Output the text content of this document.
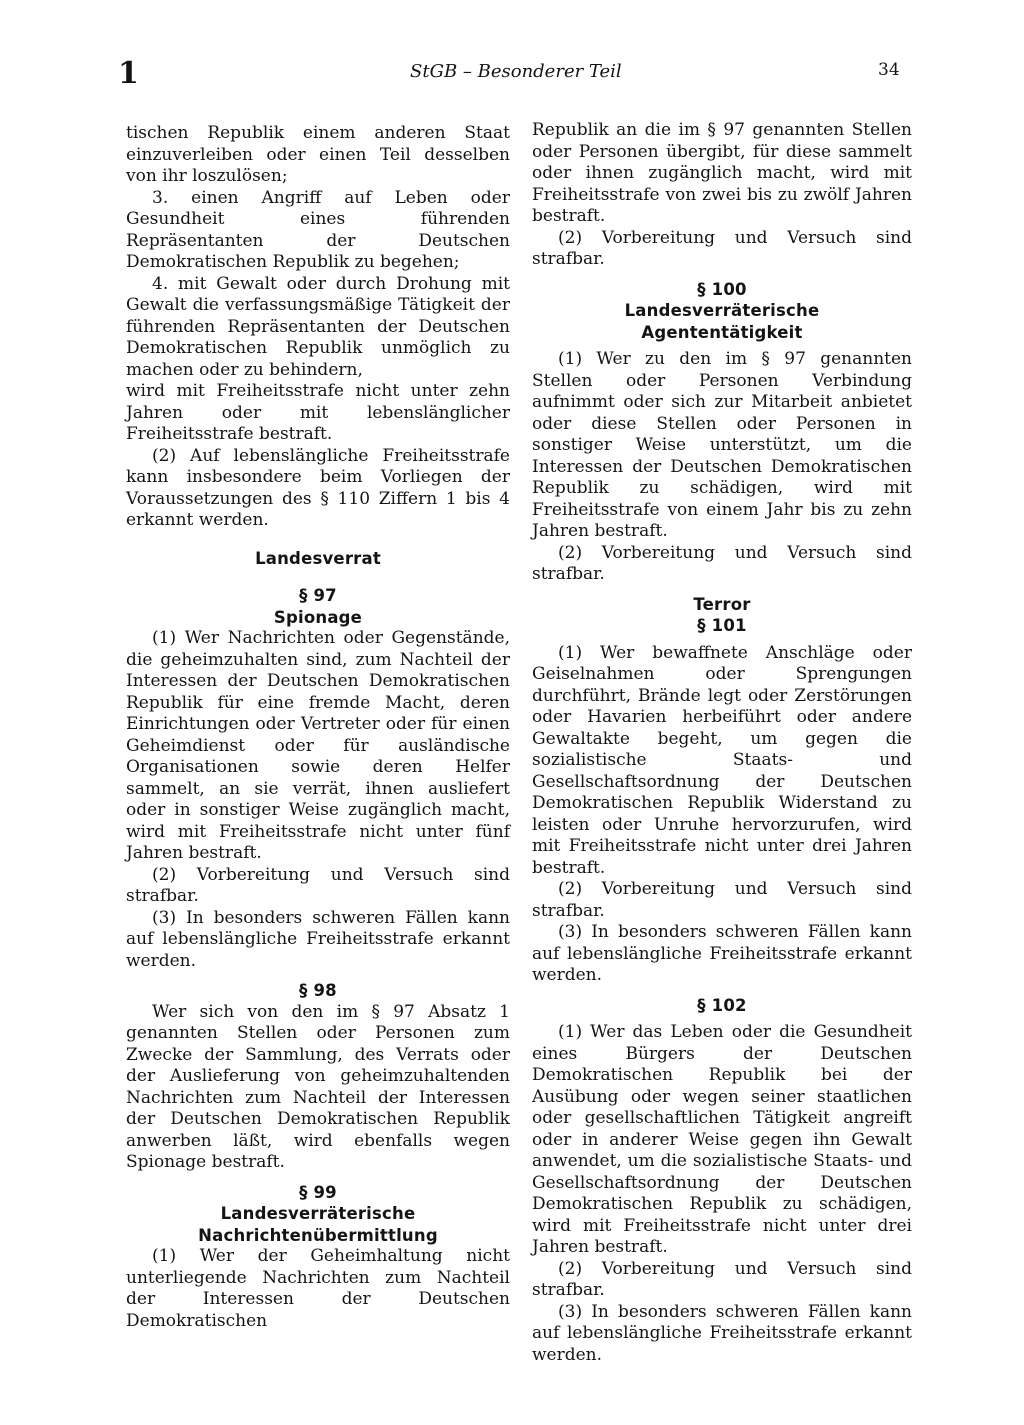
1	StGB – Besonderer Teil	34

tischen Republik einem anderen Staat einzuverleiben oder einen Teil desselben von ihr loszulösen;

3. einen Angriff auf Leben oder Gesundheit eines führenden Repräsentanten der Deutschen Demokratischen Republik zu begehen;

4. mit Gewalt oder durch Drohung mit Gewalt die verfassungsmäßige Tätigkeit der führenden Repräsentanten der Deutschen Demokratischen Republik unmöglich zu machen oder zu behindern,

wird mit Freiheitsstrafe nicht unter zehn Jahren oder mit lebenslänglicher Freiheitsstrafe bestraft.

(2) Auf lebenslängliche Freiheitsstrafe kann insbesondere beim Vorliegen der Voraussetzungen des § 110 Ziffern 1 bis 4 erkannt werden.

Landesverrat

§ 97

Spionage

(1) Wer Nachrichten oder Gegenstände, die geheimzuhalten sind, zum Nachteil der Interessen der Deutschen Demokratischen Republik für eine fremde Macht, deren Einrichtungen oder Vertreter oder für einen Geheimdienst oder für ausländische Organisationen sowie deren Helfer sammelt, an sie verrät, ihnen ausliefert oder in sonstiger Weise zugänglich macht, wird mit Freiheitsstrafe nicht unter fünf Jahren bestraft.

(2) Vorbereitung und Versuch sind strafbar.

(3) In besonders schweren Fällen kann auf lebenslängliche Freiheitsstrafe erkannt werden.

§ 98

Wer sich von den im § 97 Absatz 1 genannten Stellen oder Personen zum Zwecke der Sammlung, des Verrats oder der Auslieferung von geheimzuhaltenden Nachrichten zum Nachteil der Interessen der Deutschen Demokratischen Republik anwerben läßt, wird ebenfalls wegen Spionage bestraft.

§ 99

Landesverräterische

Nachrichtenübermittlung

(1) Wer der Geheimhaltung nicht unterliegende Nachrichten zum Nachteil der Interessen der Deutschen Demokratischen

Republik an die im § 97 genannten Stellen oder Personen übergibt, für diese sammelt oder ihnen zugänglich macht, wird mit Freiheitsstrafe von zwei bis zu zwölf Jahren bestraft.

(2) Vorbereitung und Versuch sind strafbar.

§ 100

Landesverräterische

Agententätigkeit

(1) Wer zu den im § 97 genannten Stellen oder Personen Verbindung aufnimmt oder sich zur Mitarbeit anbietet oder diese Stellen oder Personen in sonstiger Weise unterstützt, um die Interessen der Deutschen Demokratischen Republik zu schädigen, wird mit Freiheitsstrafe von einem Jahr bis zu zehn Jahren bestraft.

(2) Vorbereitung und Versuch sind strafbar.

Terror

§ 101

(1) Wer bewaffnete Anschläge oder Geiselnahmen oder Sprengungen durchführt, Brände legt oder Zerstörungen oder Havarien herbeiführt oder andere Gewaltakte begeht, um gegen die sozialistische Staats- und Gesellschaftsordnung der Deutschen Demokratischen Republik Widerstand zu leisten oder Unruhe hervorzurufen, wird mit Freiheitsstrafe nicht unter drei Jahren bestraft.

(2) Vorbereitung und Versuch sind strafbar.

(3) In besonders schweren Fällen kann auf lebenslängliche Freiheitsstrafe erkannt werden.

§ 102

(1) Wer das Leben oder die Gesundheit eines Bürgers der Deutschen Demokratischen Republik bei der Ausübung oder wegen seiner staatlichen oder gesellschaftlichen Tätigkeit angreift oder in anderer Weise gegen ihn Gewalt anwendet, um die sozialistische Staats- und Gesellschaftsordnung der Deutschen Demokratischen Republik zu schädigen, wird mit Freiheitsstrafe nicht unter drei Jahren bestraft.

(2) Vorbereitung und Versuch sind strafbar.

(3) In besonders schweren Fällen kann auf lebenslängliche Freiheitsstrafe erkannt werden.
